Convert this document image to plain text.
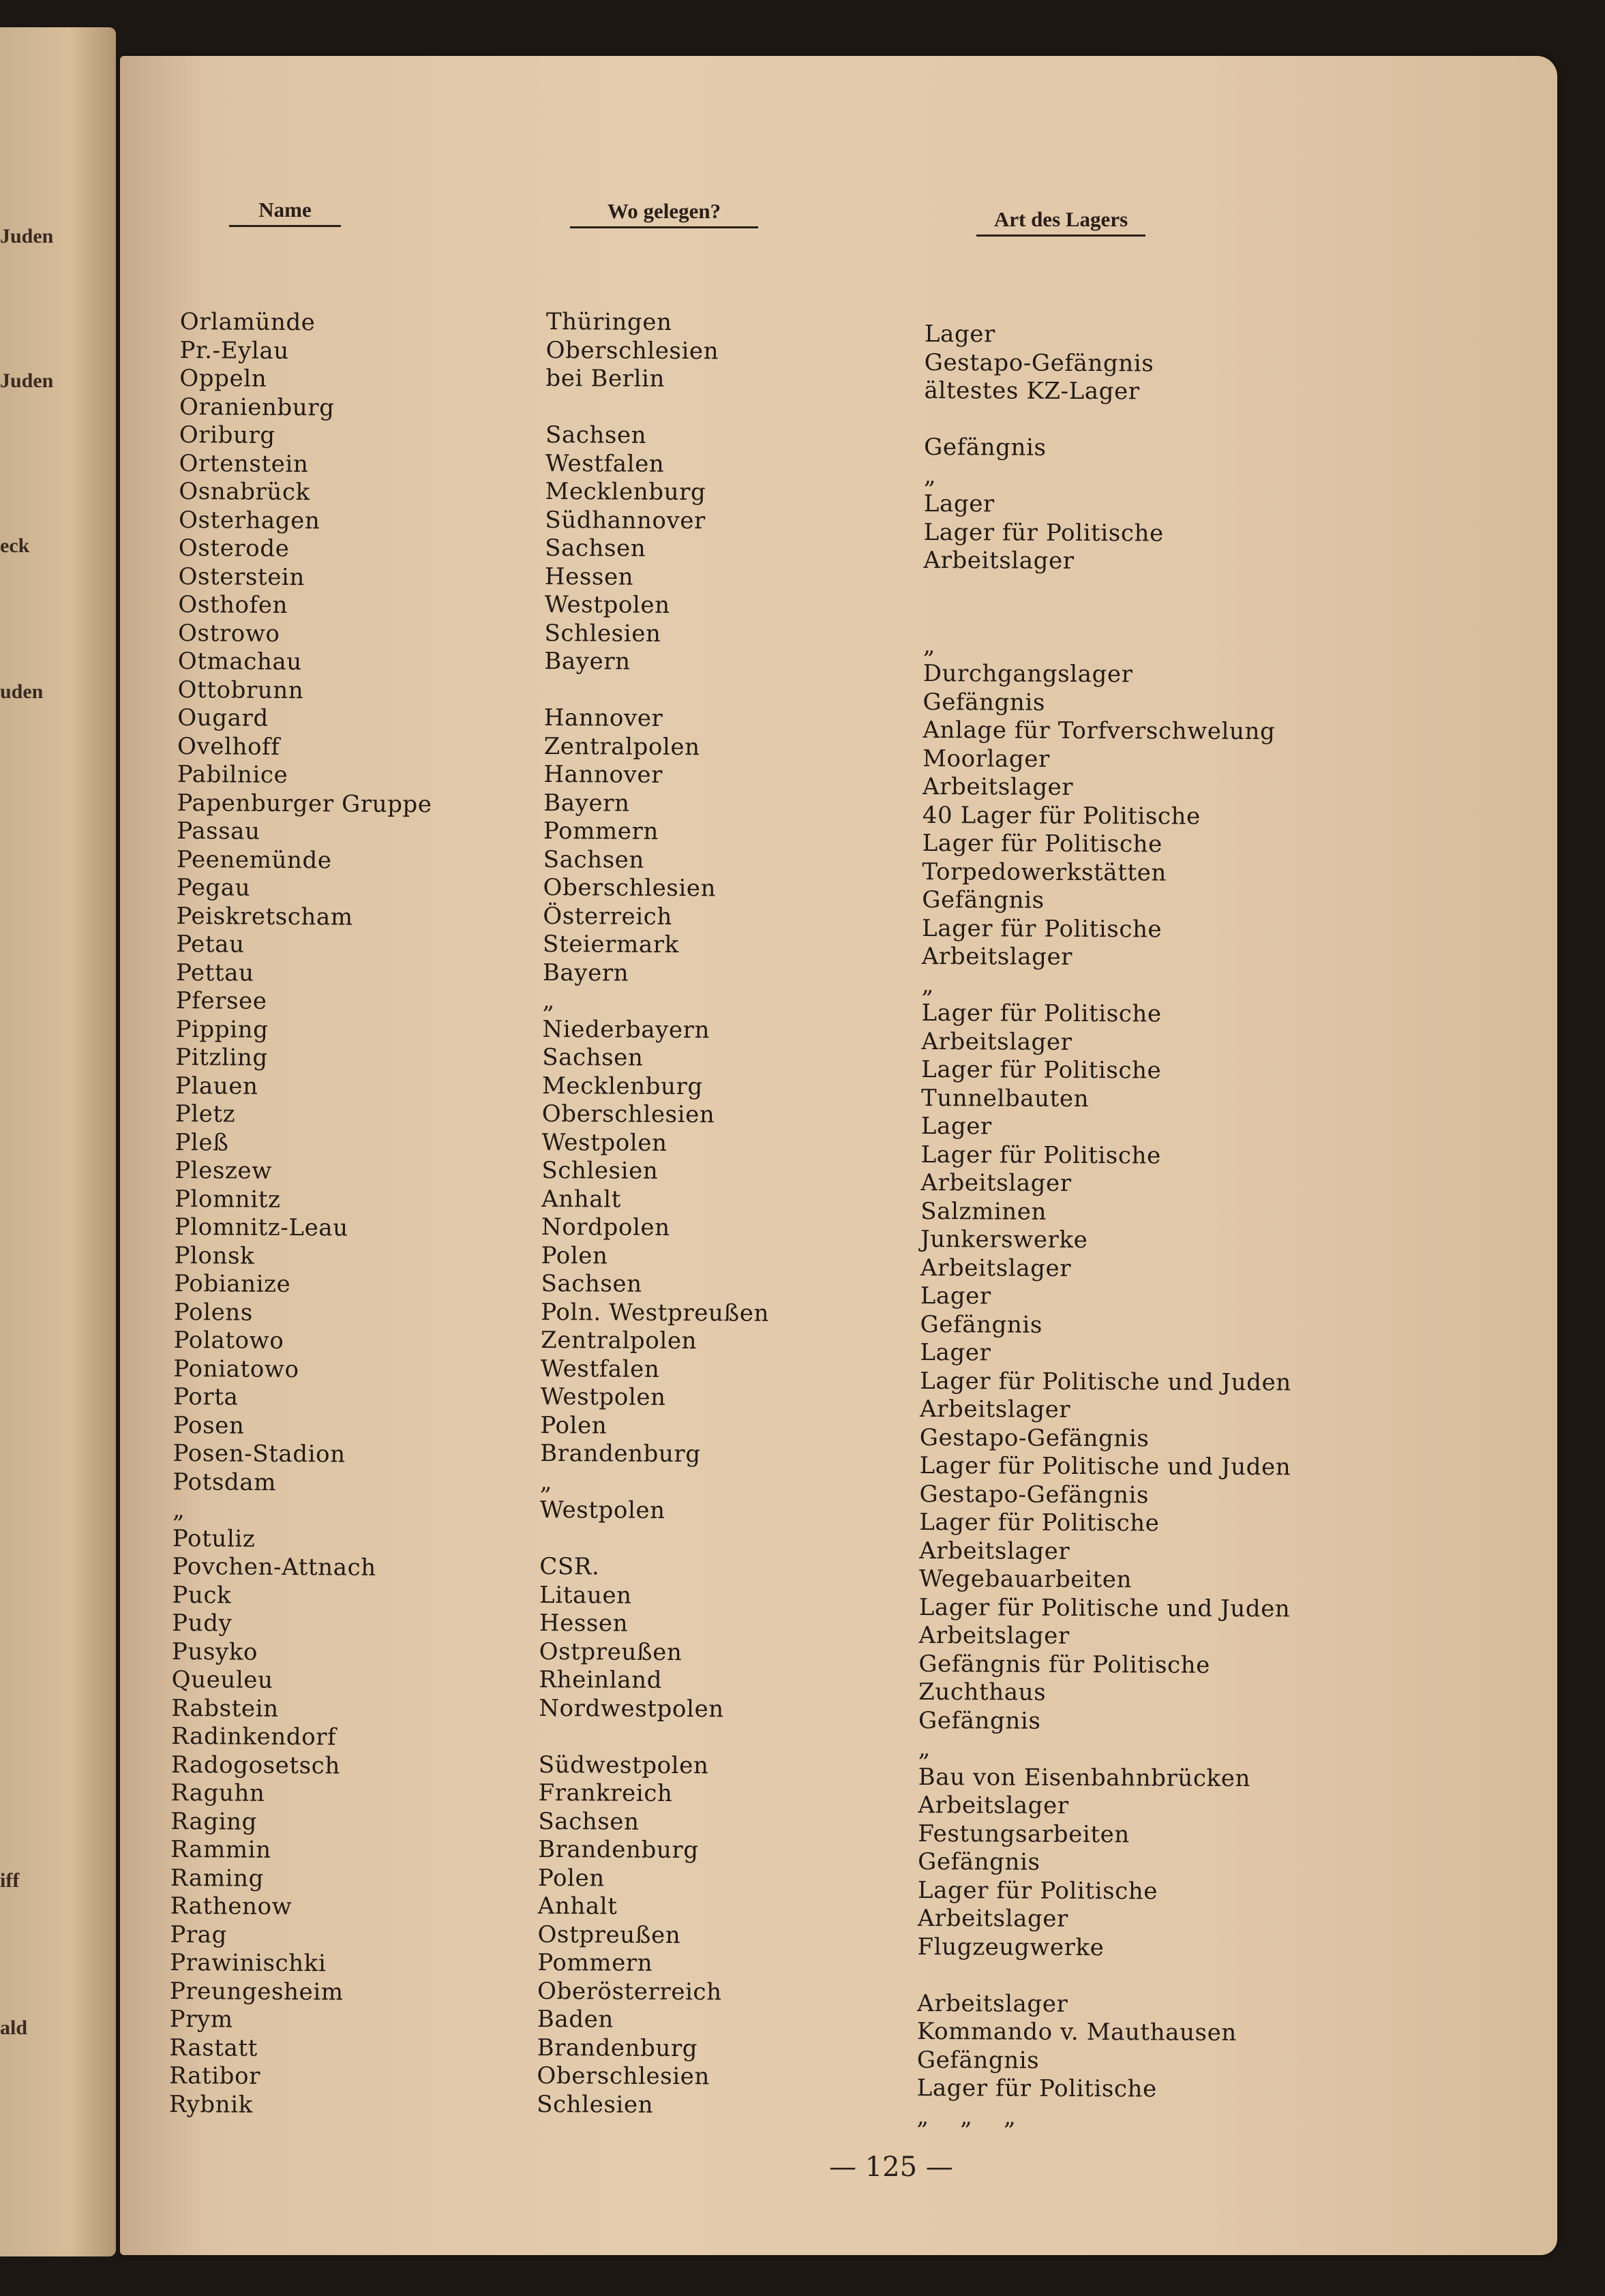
Juden
Juden
eck
uden
iff
ald
Name	Wo gelegen?	Art des Lagers
Orlamünde
Pr.-Eylau
Oppeln
Oranienburg
Oriburg
Ortenstein
Osnabrück
Osterhagen
Osterode
Osterstein
Osthofen
Ostrowo
Otmachau
Ottobrunn
Ougard
Ovelhoff
Pabilnice
Papenburger Gruppe
Passau
Peenemünde
Pegau
Peiskretscham
Petau
Pettau
Pfersee
Pipping
Pitzling
Plauen
Pletz
Pleß
Pleszew
Plomnitz
Plomnitz-Leau
Plonsk
Pobianize
Polens
Polatowo
Poniatowo
Porta
Posen
Posen-Stadion
Potsdam
„
Potuliz
Povchen-Attnach
Puck
Pudy
Pusyko
Queuleu
Rabstein
Radinkendorf
Radogosetsch
Raguhn
Raging
Rammin
Raming
Rathenow
Prag
Prawinischki
Preungesheim
Prym
Rastatt
Ratibor
Rybnik
Thüringen
Oberschlesien
bei Berlin
Sachsen
Westfalen
Mecklenburg
Südhannover
Sachsen
Hessen
Westpolen
Schlesien
Bayern
Hannover
Zentralpolen
Hannover
Bayern
Pommern
Sachsen
Oberschlesien
Österreich
Steiermark
Bayern
„
Niederbayern
Sachsen
Mecklenburg
Oberschlesien
Westpolen
Schlesien
Anhalt
Nordpolen
Polen
Sachsen
Poln. Westpreußen
Zentralpolen
Westfalen
Westpolen
Polen
Brandenburg
„
Westpolen
CSR.
Litauen
Hessen
Ostpreußen
Rheinland
Nordwestpolen
Südwestpolen
Frankreich
Sachsen
Brandenburg
Polen
Anhalt
Ostpreußen
Pommern
Oberösterreich
Baden
Brandenburg
Oberschlesien
Schlesien
Lager
Gestapo-Gefängnis
ältestes KZ-Lager
Gefängnis
„
Lager
Lager für Politische
Arbeitslager
„
Durchgangslager
Gefängnis
Anlage für Torfverschwelung
Moorlager
Arbeitslager
40 Lager für Politische
Lager für Politische
Torpedowerkstätten
Gefängnis
Lager für Politische
Arbeitslager
„
Lager für Politische
Arbeitslager
Lager für Politische
Tunnelbauten
Lager
Lager für Politische
Arbeitslager
Salzminen
Junkerswerke
Arbeitslager
Lager
Gefängnis
Lager
Lager für Politische und Juden
Arbeitslager
Gestapo-Gefängnis
Lager für Politische und Juden
Gestapo-Gefängnis
Lager für Politische
Arbeitslager
Wegebauarbeiten
Lager für Politische und Juden
Arbeitslager
Gefängnis für Politische
Zuchthaus
Gefängnis
„
Bau von Eisenbahnbrücken
Arbeitslager
Festungsarbeiten
Gefängnis
Lager für Politische
Arbeitslager
Flugzeugwerke
Arbeitslager
Kommando v. Mauthausen
Gefängnis
Lager für Politische
„    „    „
— 125 —
